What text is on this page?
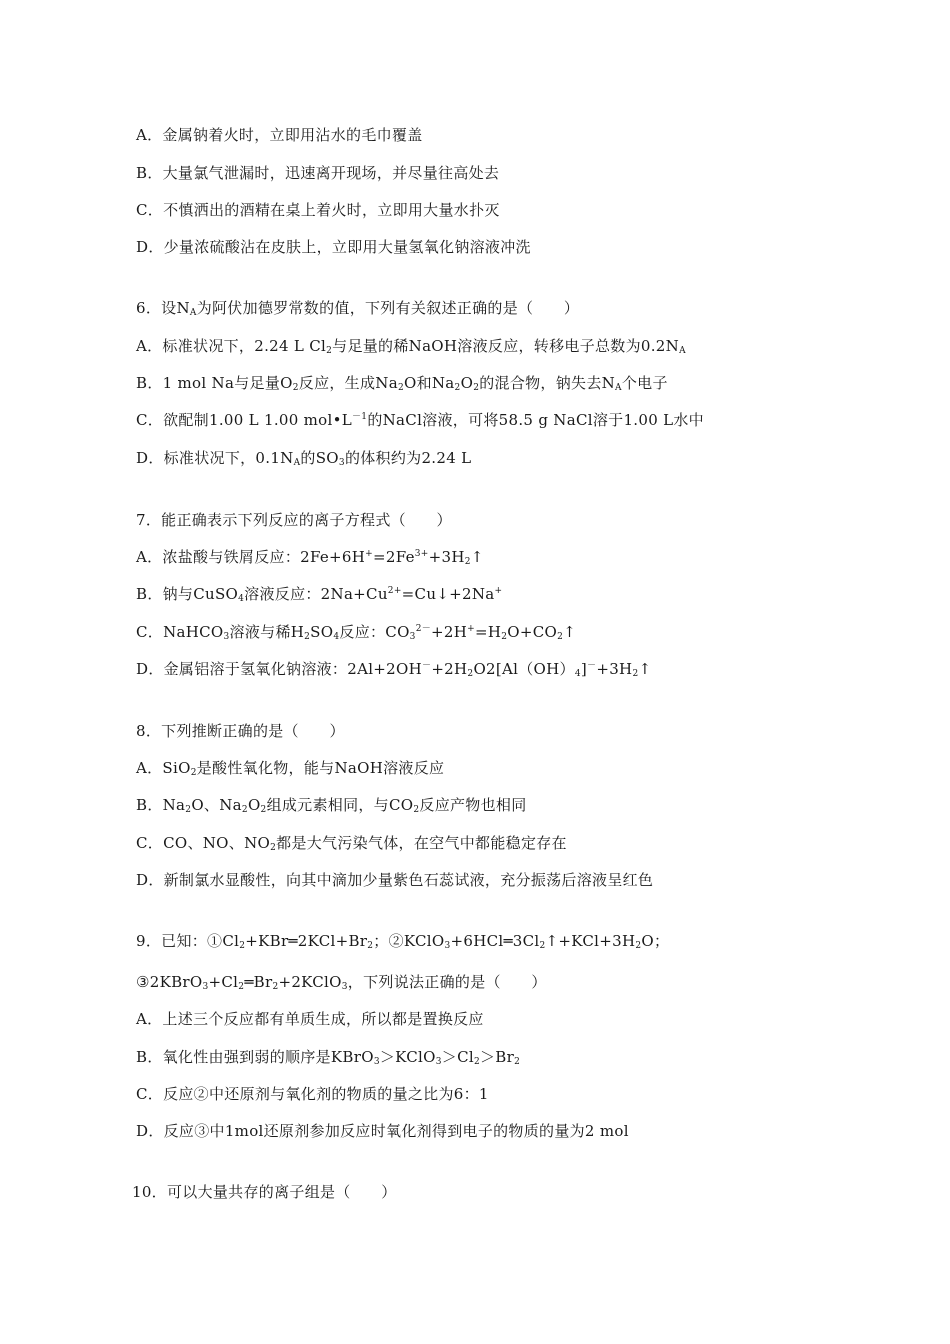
A．金属钠着火时，立即用沾水的毛巾覆盖
B．大量氯气泄漏时，迅速离开现场，并尽量往高处去
C．不慎洒出的酒精在桌上着火时，立即用大量水扑灭
D．少量浓硫酸沾在皮肤上，立即用大量氢氧化钠溶液冲洗
6．设$N_A$为阿伏加德罗常数的值，下列有关叙述正确的是（　　）
A．标准状况下，2.24 L $Cl_2$与足量的稀NaOH溶液反应，转移电子总数为$0.2N_A$
B．1 mol Na与足量$O_2$反应，生成$Na_2O$和$Na_2O_2$的混合物，钠失去$N_A$个电子
C．欲配制1.00 L 1.00 $mol•L^{-1}$的NaCl溶液，可将58.5 g NaCl溶于1.00 L水中
D．标准状况下，$0.1N_A$的$SO_3$的体积约为2.24 L
7．能正确表示下列反应的离子方程式（　　）
A．浓盐酸与铁屑反应：$2Fe+6H^+=2Fe^{3+}+3H_2↑$
B．钠与CuSO$_4$溶液反应：$2Na+Cu^{2+}=Cu↓+2Na^+$
C．NaHCO$_3$溶液与稀$H_2SO_4$反应：$CO_3^{2-}+2H^+=H_2O+CO_2↑$
D．金属铝溶于氢氧化钠溶液：$2Al+2OH^-+2H_2O2[Al(OH)_4]^-+3H_2↑$
8．下列推断正确的是（　　）
A．SiO$_2$是酸性氧化物，能与NaOH溶液反应
B．$Na_2O$、$Na_2O_2$组成元素相同，与$CO_2$反应产物也相同
C．CO、NO、$NO_2$都是大气污染气体，在空气中都能稳定存在
D．新制氯水显酸性，向其中滴加少量紫色石蕊试液，充分振荡后溶液呈红色
9．已知：$①Cl_2+KBr═2KCl+Br_2$；$②KClO_3+6HCl═3Cl_2↑+KCl+3H_2O$；
$③2KBrO_3+Cl_2═Br_2+2KClO_3$，下列说法正确的是（　　）
A．上述三个反应都有单质生成，所以都是置换反应
B．氧化性由强到弱的顺序是$KBrO_3>KClO_3>Cl_2>Br_2$
C．反应②中还原剂与氧化剂的物质的量之比为6：1
D．反应③中1mol还原剂参加反应时氧化剂得到电子的物质的量为2 mol
10．可以大量共存的离子组是（　　）
